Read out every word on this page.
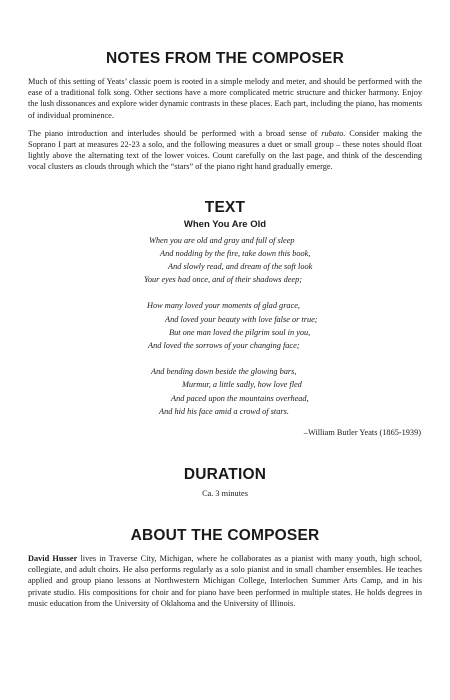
NOTES FROM THE COMPOSER

Much of this setting of Yeats’ classic poem is rooted in a simple melody and meter, and should be performed with the ease of a traditional folk song. Other sections have a more complicated metric structure and thicker harmony. Enjoy the lush dissonances and explore wider dynamic contrasts in these places. Each part, including the piano, has moments of individual prominence.

The piano introduction and interludes should be performed with a broad sense of rubato. Consider making the Soprano I part at measures 22-23 a solo, and the following measures a duet or small group – these notes should float lightly above the alternating text of the lower voices. Count carefully on the last page, and think of the descending vocal clusters as clouds through which the “stars” of the piano right hand gradually emerge.

TEXT
When You Are Old
When you are old and gray and full of sleep
And nodding by the fire, take down this book,
And slowly read, and dream of the soft look
Your eyes had once, and of their shadows deep;
How many loved your moments of glad grace,
And loved your beauty with love false or true;
But one man loved the pilgrim soul in you,
And loved the sorrows of your changing face;
And bending down beside the glowing bars,
Murmur, a little sadly, how love fled
And paced upon the mountains overhead,
And hid his face amid a crowd of stars.
–William Butler Yeats (1865-1939)
DURATION
Ca. 3 minutes
ABOUT THE COMPOSER

David Husser lives in Traverse City, Michigan, where he collaborates as a pianist with many youth, high school, collegiate, and adult choirs. He also performs regularly as a solo pianist and in small chamber ensembles. He teaches applied and group piano lessons at Northwestern Michigan College, Interlochen Summer Arts Camp, and in his private studio. His compositions for choir and for piano have been performed in multiple states. He holds degrees in music education from the University of Oklahoma and the University of Illinois.
